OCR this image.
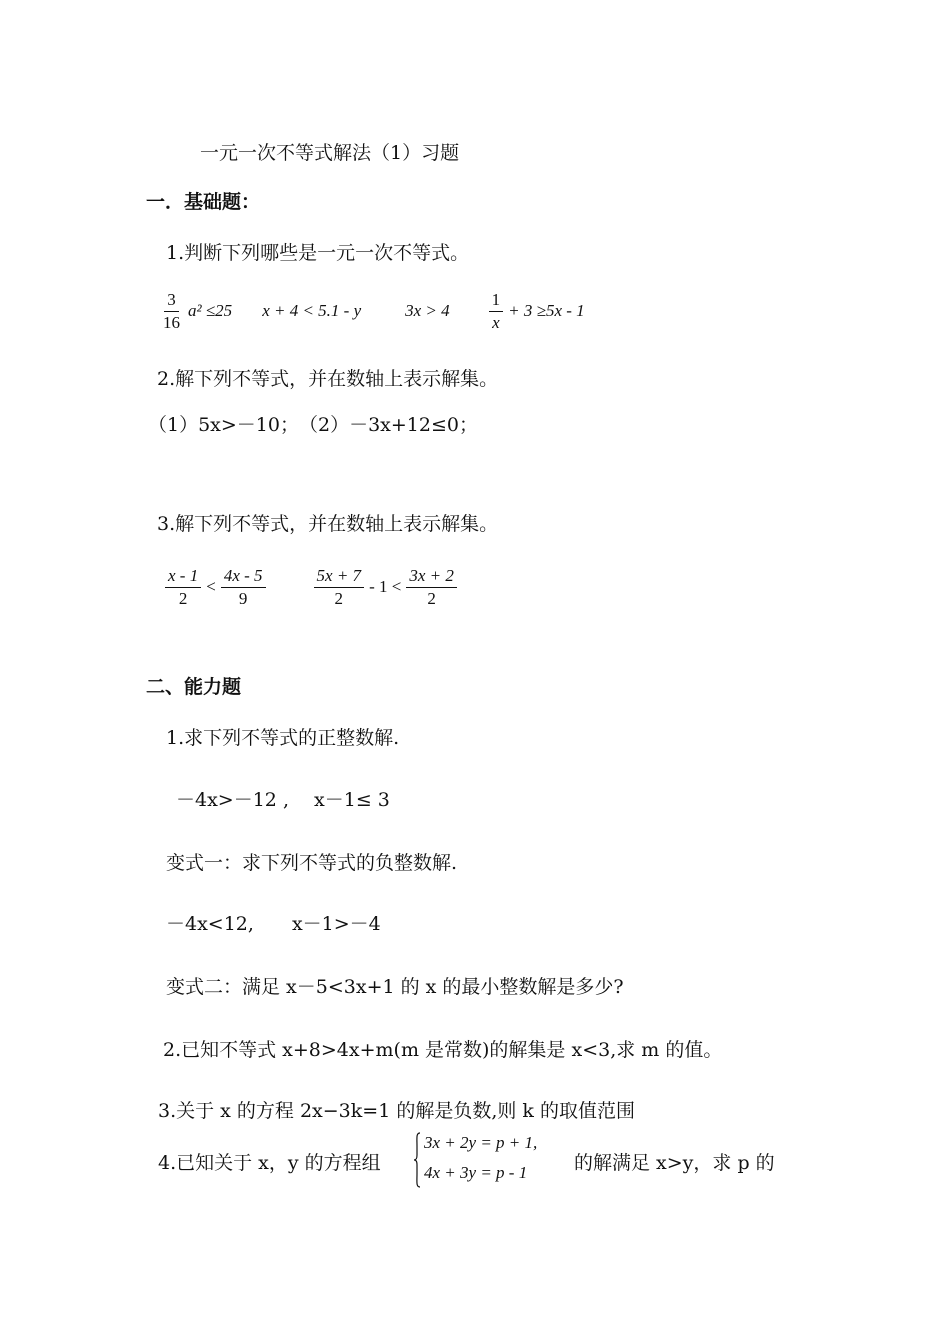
一元一次不等式解法（1）习题
一．基础题：
1.判断下列哪些是一元一次不等式。
3
16
a² ≤25 x + 4 < 5.1 - y	3x > 4
1
x
+ 3 ≥5x - 1
2.解下列不等式，并在数轴上表示解集。
（1）5x>－10；　（2）－3x+12≤0；
3.解下列不等式，并在数轴上表示解集。
x - 1
2
<
4x - 5
9
5x + 7
2
- 1 <
3x + 2
2
二、能力题
1.求下列不等式的正整数解.
－4x>－12 ,　 x－1≤ 3
变式一：求下列不等式的负整数解.
－4x<12,　　x－1>－4
变式二：满足 x－5<3x+1 的 x 的最小整数解是多少?
2.已知不等式 x+8>4x+m(m 是常数)的解集是 x<3,求 m 的值。
3.关于 x 的方程 2x−3k=1 的解是负数,则 k 的取值范围
4.已知关于 x，y 的方程组
3x + 2y = p + 1,
4x + 3y = p - 1 的解满足 x>y，求 p 的
